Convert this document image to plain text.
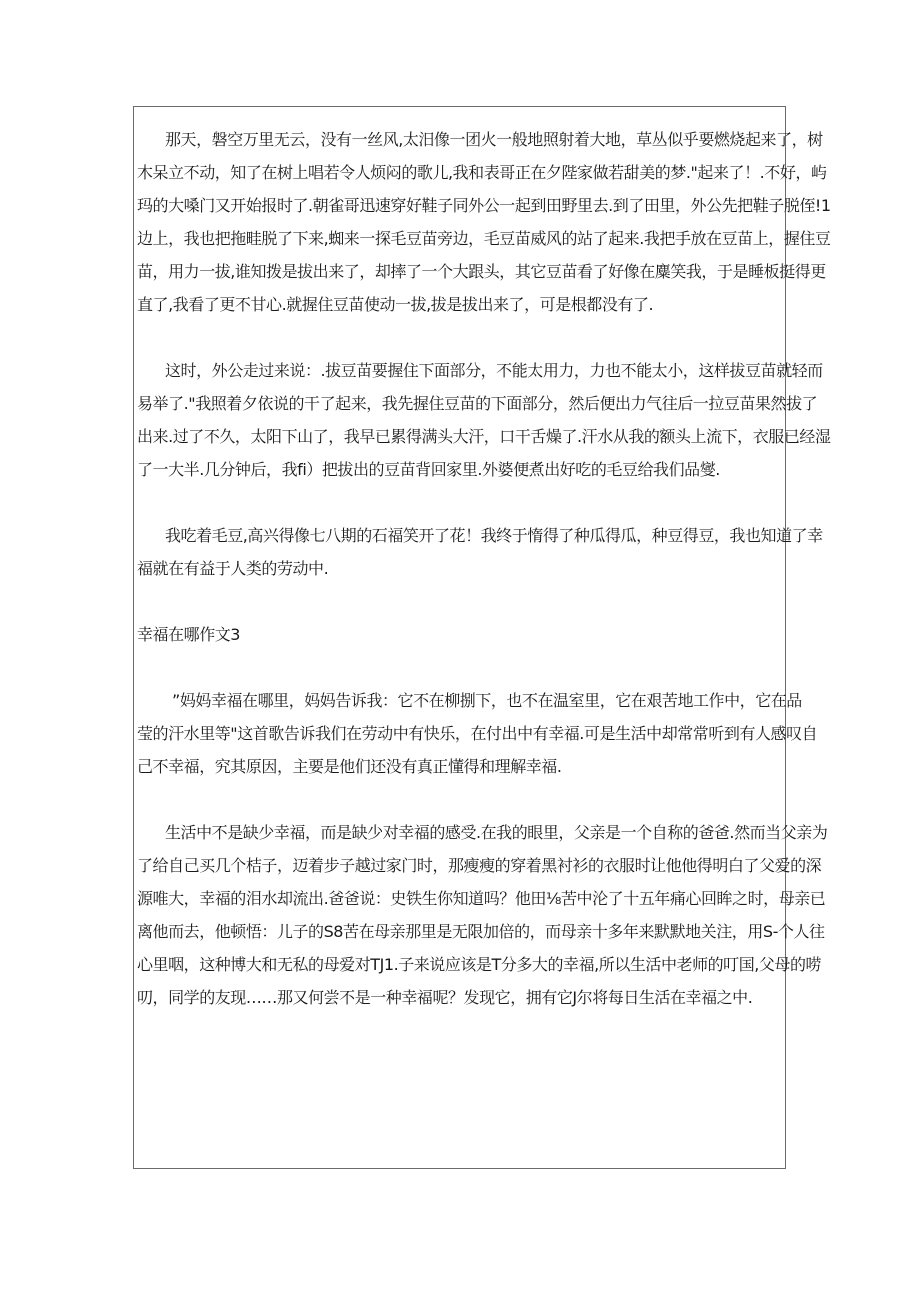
那天，磐空万里无云，没有一丝风,太汨像一团火一般地照射着大地，草丛似乎要燃烧起来了，树
木呆立不动，知了在树上唱若令人烦闷的歌儿,我和表哥正在夕陛家做若甜美的梦."起来了！.不好，屿
玛的大嗓门又开始报时了.朝雀哥迅速穿好鞋子同外公一起到田野里去.到了田里，外公先把鞋子脱侄!1
边上，我也把拖畦脱了下来,蜘来一探毛豆苗旁边，毛豆苗威风的站了起来.我把手放在豆苗上，握住豆
苗，用力一拔,谁知拨是拔出来了，却摔了一个大跟头，其它豆苗看了好像在麋笑我，于是睡板挺得更
直了,我看了更不甘心.就握住豆苗使动一拔,拔是拔出来了，可是根都没有了.
这时，外公走过来说：.拔豆苗要握住下面部分，不能太用力，力也不能太小，这样拔豆苗就轻而
易举了."我照着夕依说的干了起来，我先握住豆苗的下面部分，然后便出力气往后一拉豆苗果然拔了
出来.过了不久，太阳下山了，我早已累得满头大汗，口干舌燥了.汗水从我的额头上流下，衣服已经湿
了一大半.几分钟后，我fi）把拔出的豆苗背回家里.外婆便煮出好吃的毛豆给我们品燮.
我吃着毛豆,高兴得像七八期的石福笑开了花！我终于惰得了种瓜得瓜，种豆得豆，我也知道了幸
福就在有益于人类的劳动中.
幸福在哪作文3
”妈妈幸福在哪里，妈妈告诉我：它不在柳捌下，也不在温室里，它在艰苦地工作中，它在品
莹的汗水里等"这首歌告诉我们在劳动中有快乐，在付出中有幸福.可是生活中却常常听到有人感叹自
己不幸福，究其原因，主要是他们还没有真正懂得和理解幸福.
生活中不是缺少幸福，而是缺少对幸福的感受.在我的眼里，父亲是一个自称的爸爸.然而当父亲为
了给自己买几个桔子，迈着步子越过家门时，那瘦瘦的穿着黑衬衫的衣服时让他他得明白了父爱的深
源唯大，幸福的泪水却流出.爸爸说：史铁生你知道吗？他田⅛苦中沦了十五年痛心回眸之时，母亲已
离他而去，他顿悟：儿子的S8苦在母亲那里是无限加倍的，而母亲十多年来默默地关注，用S-个人往
心里咽，这种博大和无私的母爱对TJ1.子来说应该是T分多大的幸福,所以生活中老师的叮国,父母的唠
叨，同学的友现……那又何尝不是一种幸福呢？发现它，拥有它J尔将每日生活在幸福之中.
